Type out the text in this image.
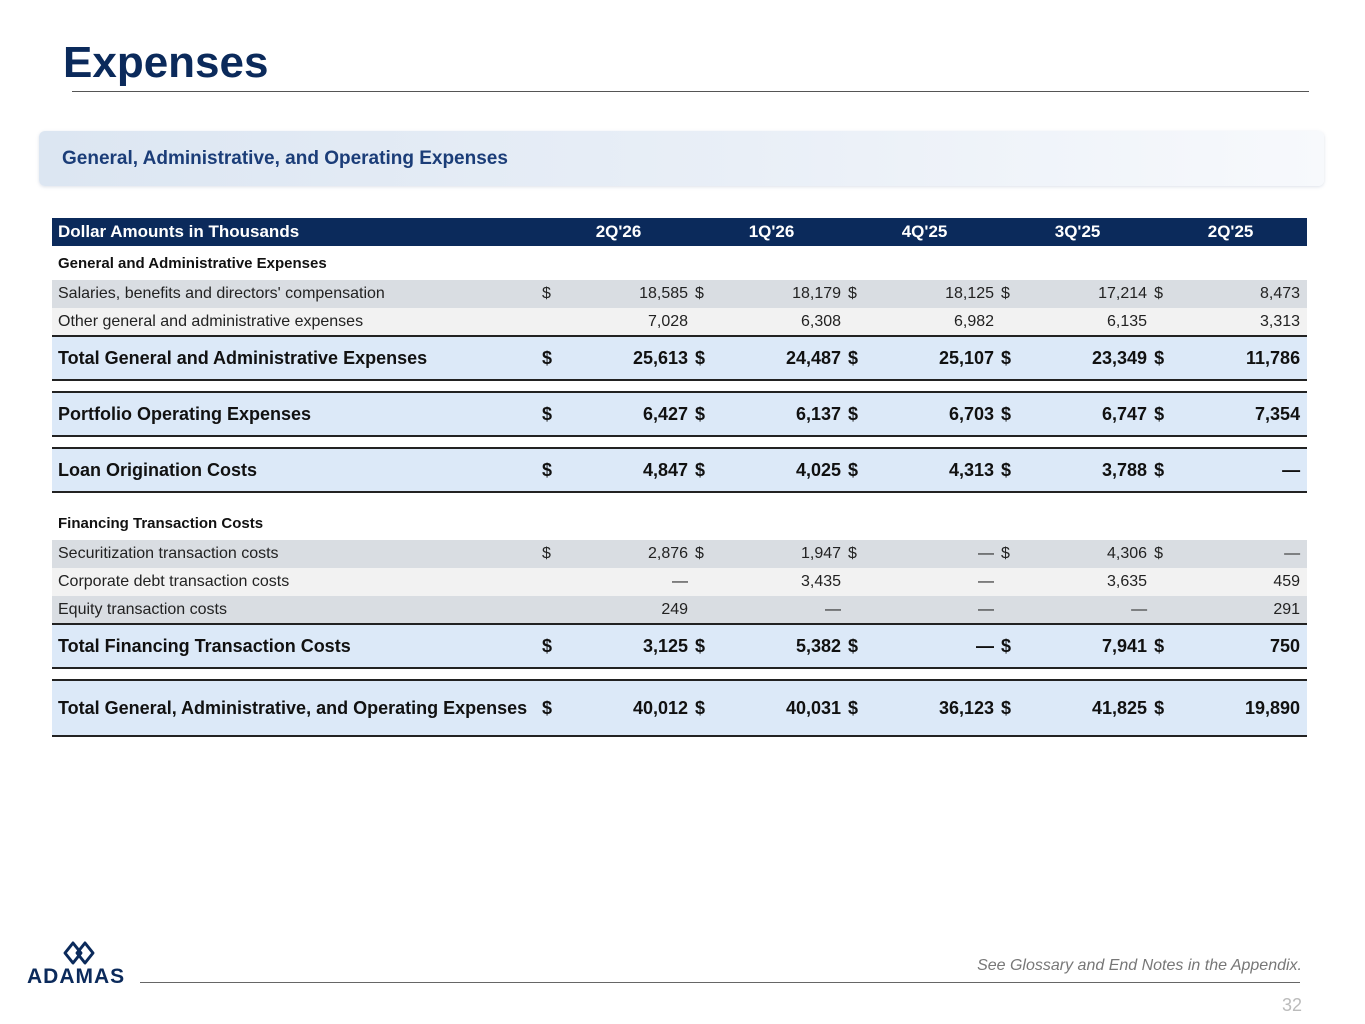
Expenses
General, Administrative, and Operating Expenses
Dollar Amounts in Thousands	2Q'26		1Q'26		4Q'25		3Q'25		2Q'25	
General and Administrative Expenses										
Salaries, benefits and directors' compensation	$	18,585	$	18,179	$	18,125	$	17,214	$	8,473
Other general and administrative expenses		7,028		6,308		6,982		6,135		3,313
Total General and Administrative Expenses	$	25,613	$	24,487	$	25,107	$	23,349	$	11,786

Portfolio Operating Expenses	$	6,427	$	6,137	$	6,703	$	6,747	$	7,354

Loan Origination Costs	$	4,847	$	4,025	$	4,313	$	3,788	$	—

Financing Transaction Costs										
Securitization transaction costs	$	2,876	$	1,947	$	—	$	4,306	$	—
Corporate debt transaction costs		—		3,435		—		3,635		459
Equity transaction costs		249		—		—		—		291
Total Financing Transaction Costs	$	3,125	$	5,382	$	—	$	7,941	$	750

Total General, Administrative, and Operating Expenses	$	40,012	$	40,031	$	36,123	$	41,825	$	19,890
ADAMAS	See Glossary and End Notes in the Appendix.
32
